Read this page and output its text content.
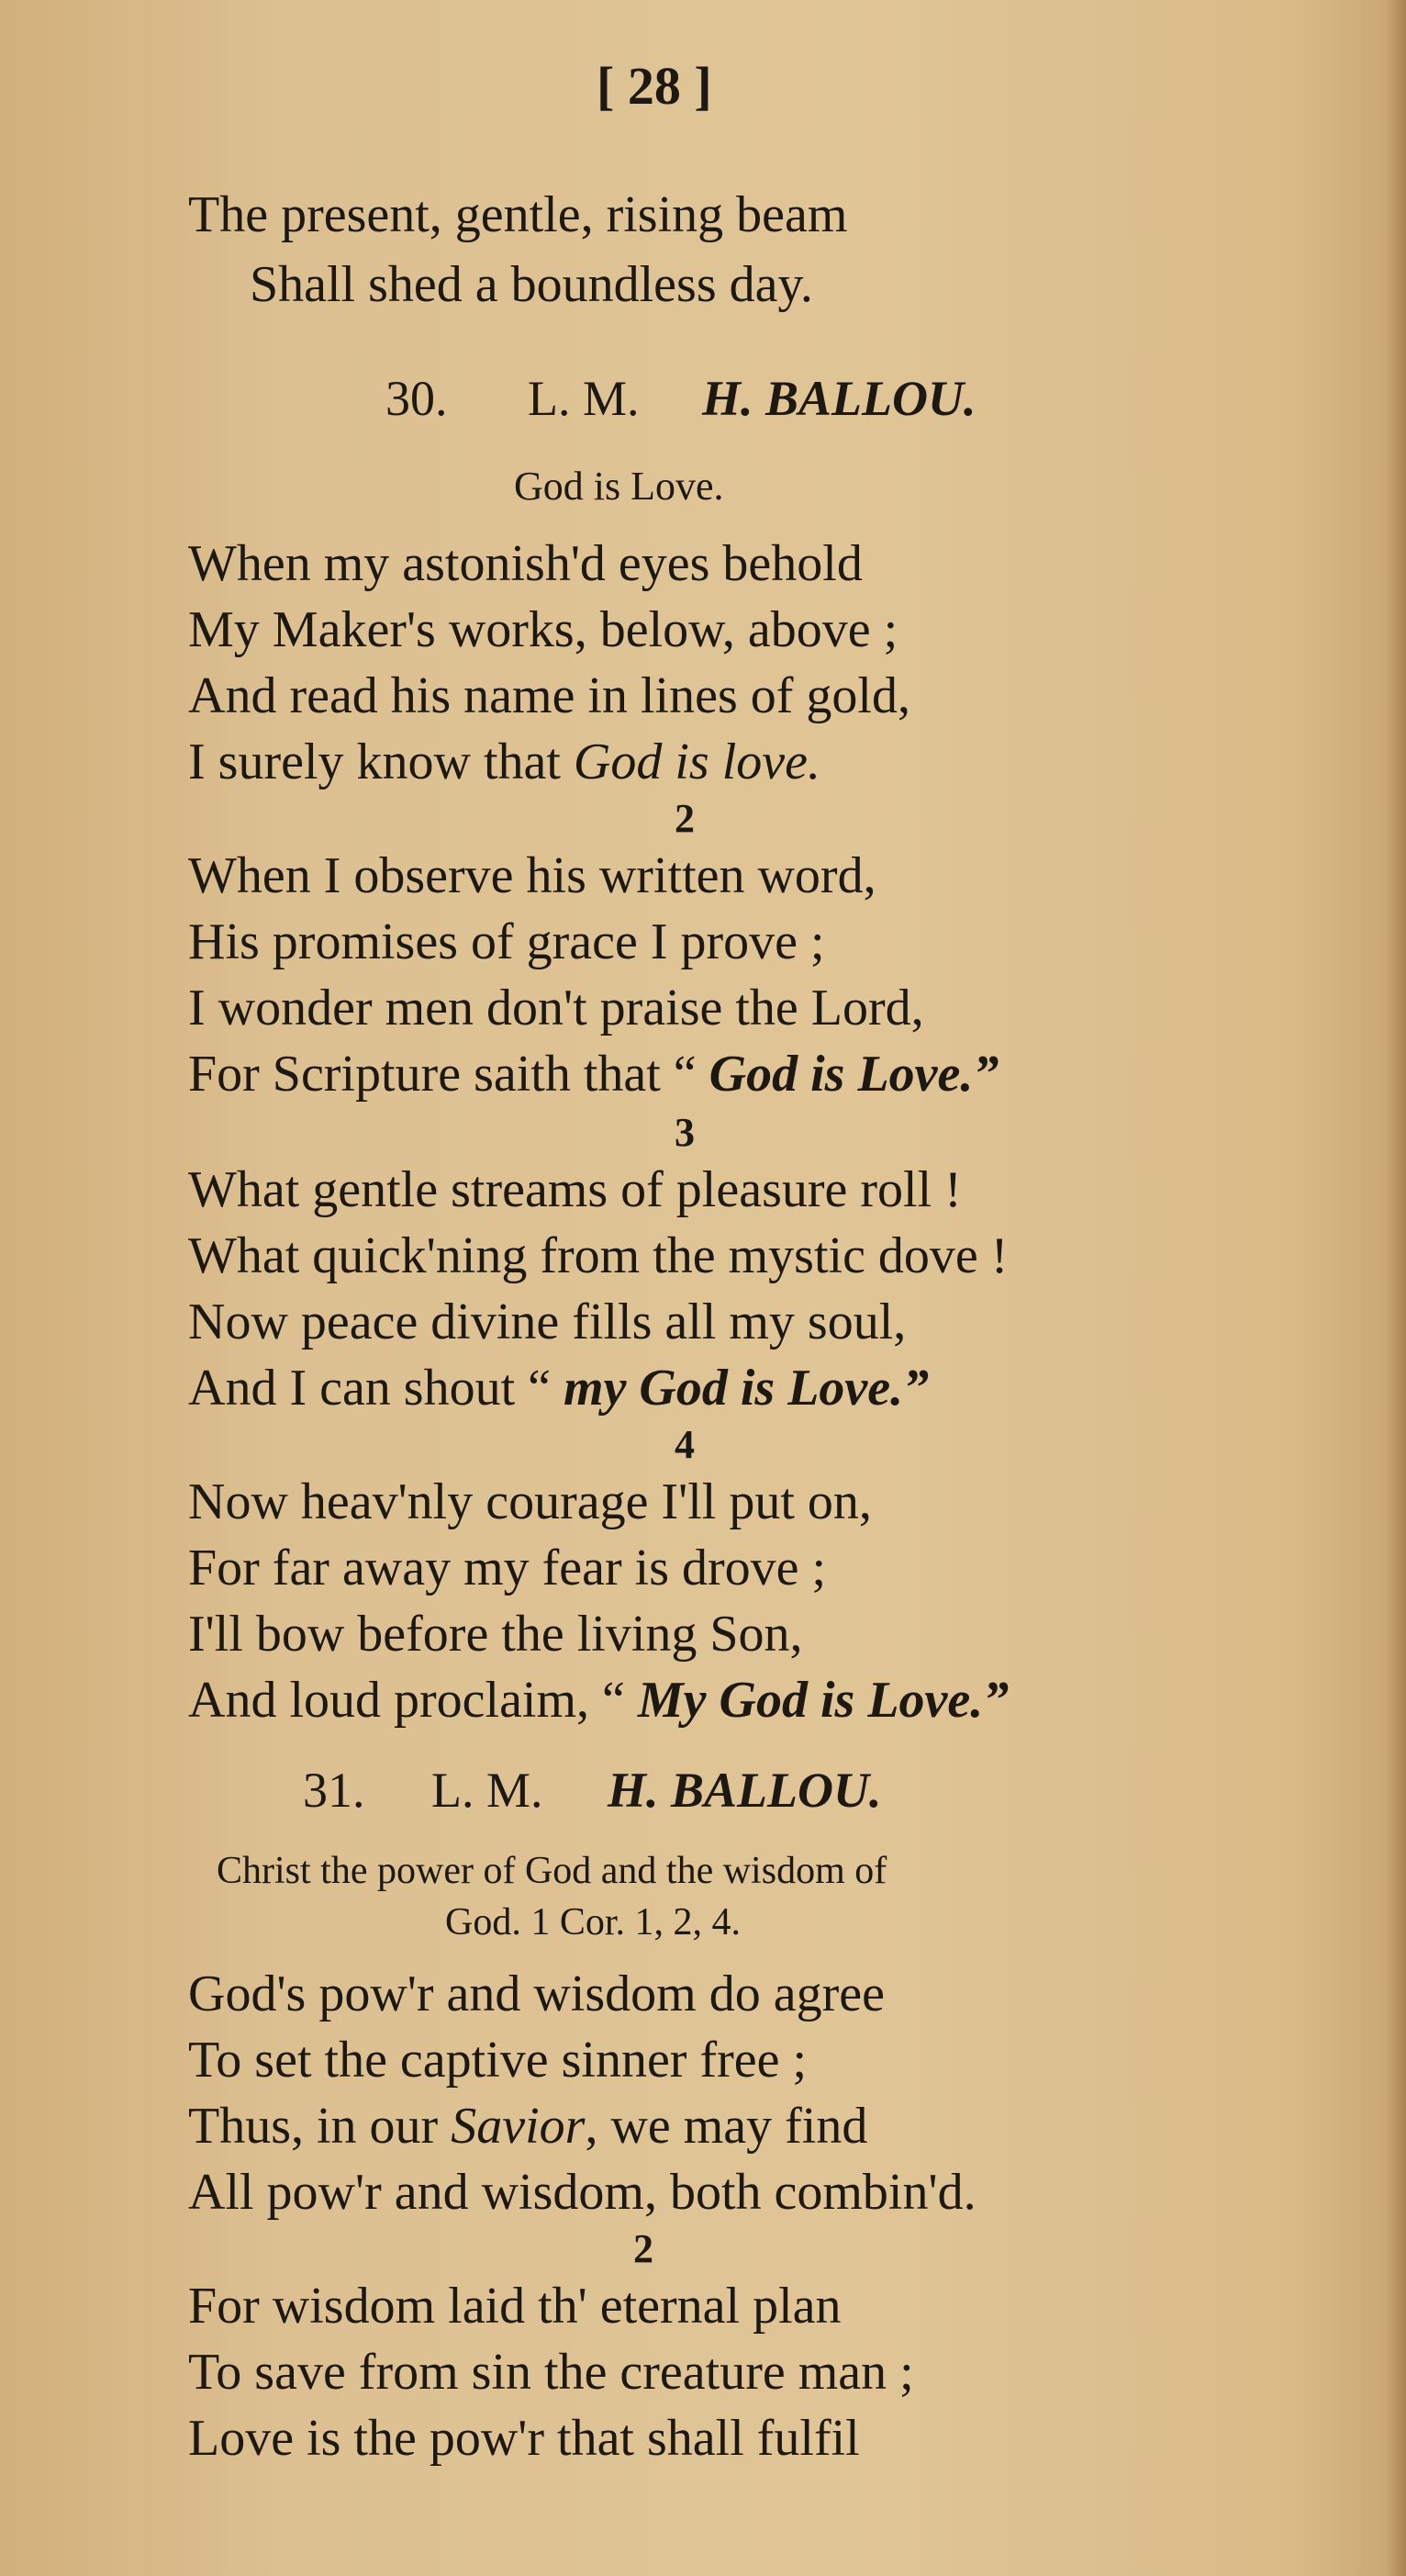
[ 28 ]
The present, gentle, rising beam
Shall shed a boundless day.
30. L. M. H. BALLOU.
God is Love.
When my astonish'd eyes behold
My Maker's works, below, above ;
And read his name in lines of gold,
I surely know that God is love.
2
When I observe his written word,
His promises of grace I prove ;
I wonder men don't praise the Lord,
For Scripture saith that “ God is Love.”
3
What gentle streams of pleasure roll !
What quick'ning from the mystic dove !
Now peace divine fills all my soul,
And I can shout “ my God is Love.”
4
Now heav'nly courage I'll put on,
For far away my fear is drove ;
I'll bow before the living Son,
And loud proclaim, “ My God is Love.”
31. L. M. H. BALLOU.
Christ the power of God and the wisdom of
God. 1 Cor. 1, 2, 4.
God's pow'r and wisdom do agree
To set the captive sinner free ;
Thus, in our Savior, we may find
All pow'r and wisdom, both combin'd.
2
For wisdom laid th' eternal plan
To save from sin the creature man ;
Love is the pow'r that shall fulfil
